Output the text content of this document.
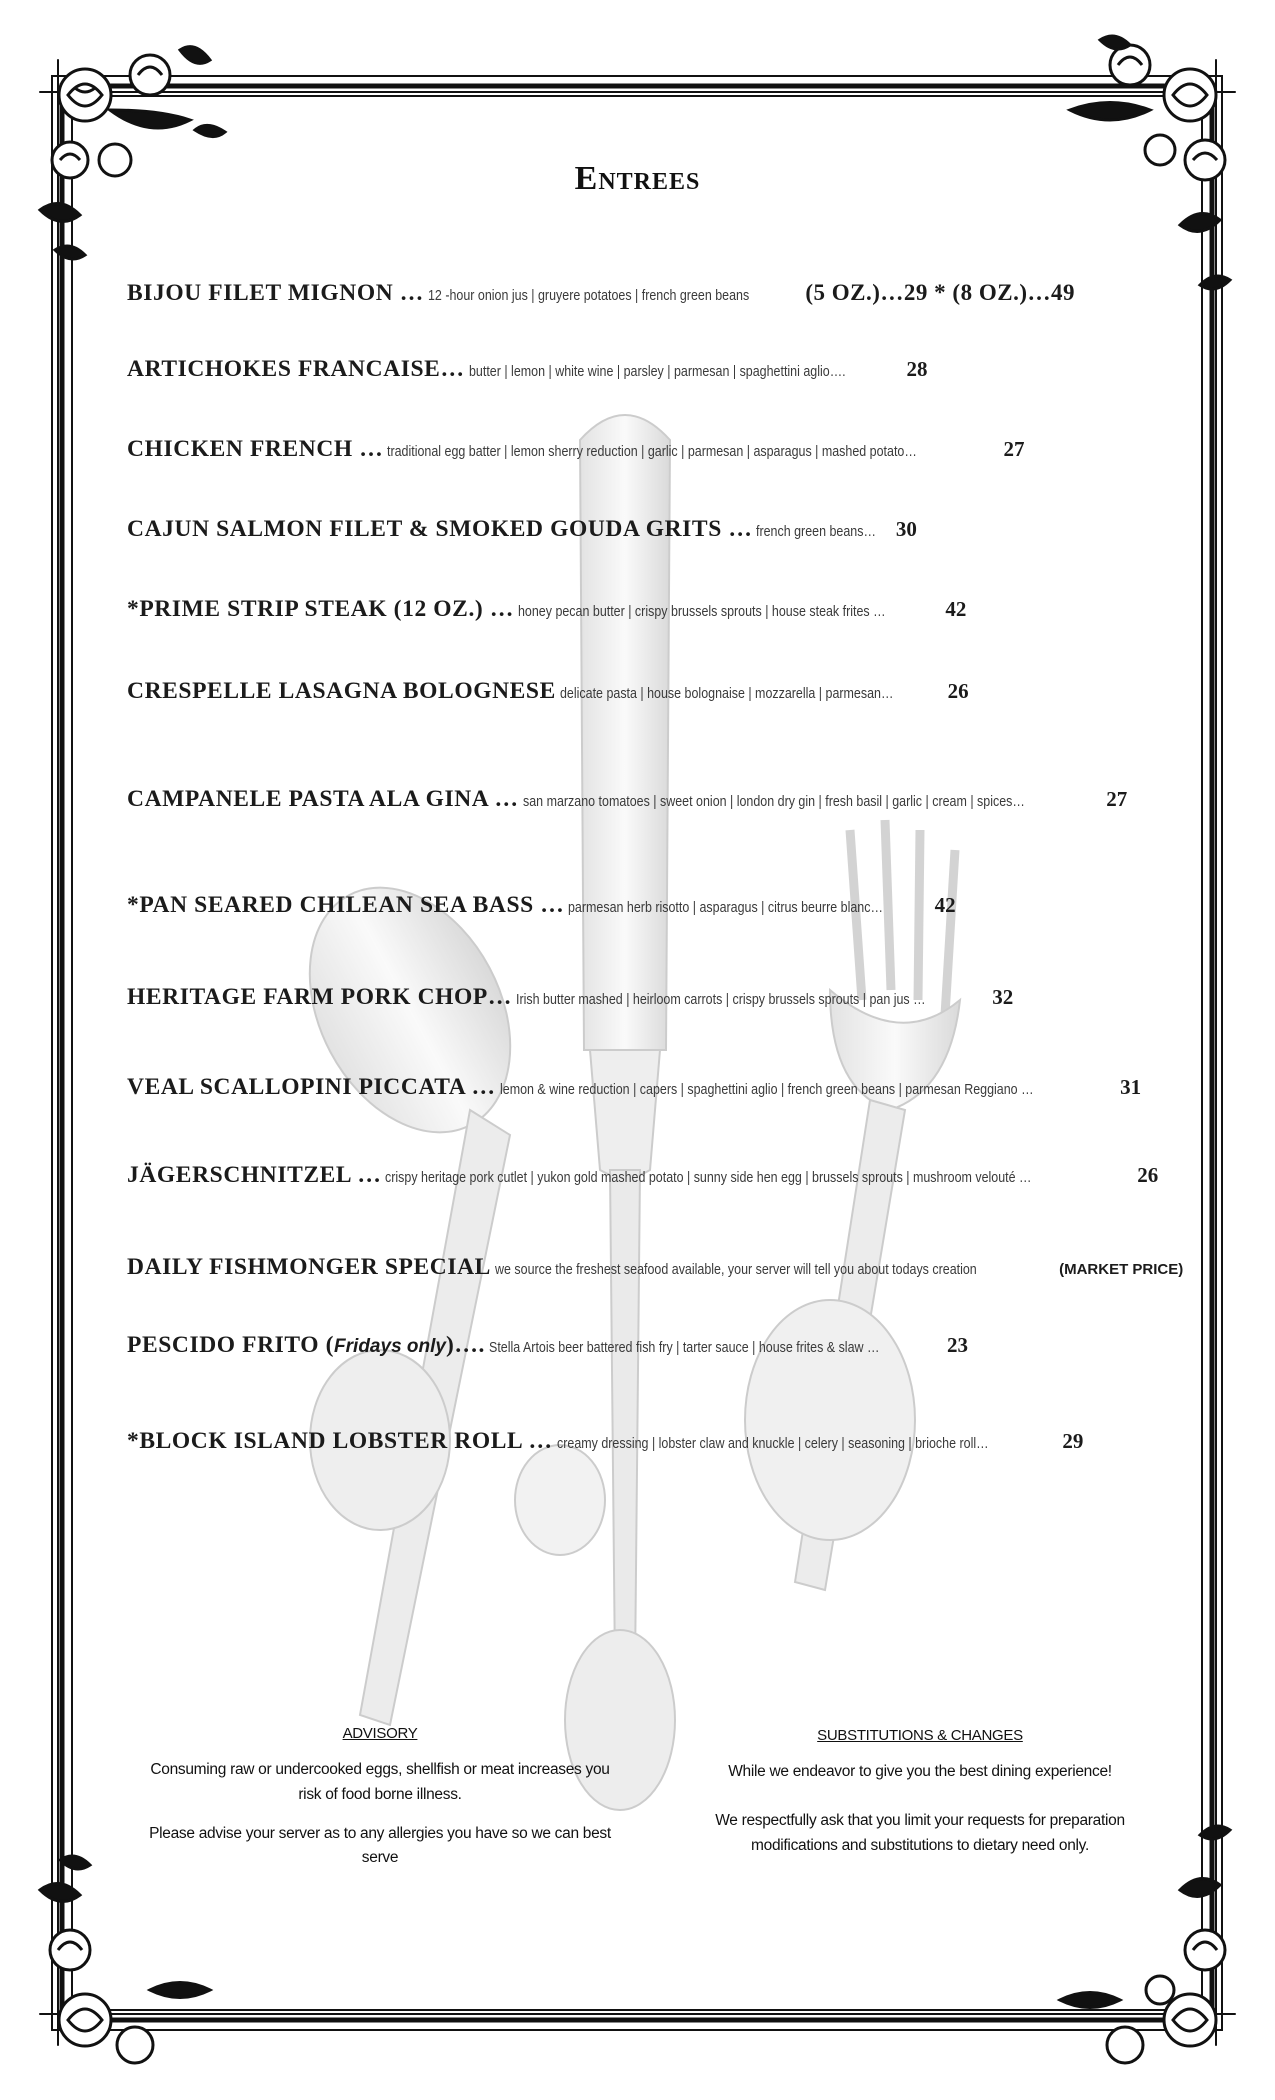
Entrees
BIJOU FILET MIGNON … 12 -hour onion jus | gruyere potatoes | french green beans (5 OZ.)…29 * (8 OZ.)…49
ARTICHOKES FRANCAISE… butter | lemon | white wine | parsley | parmesan | spaghettini aglio….	28
CHICKEN FRENCH … traditional egg batter | lemon sherry reduction | garlic | parmesan | asparagus | mashed potato…	27
CAJUN SALMON FILET & SMOKED GOUDA GRITS … french green beans… 30
*PRIME STRIP STEAK (12 OZ.) … honey pecan butter | crispy brussels sprouts | house steak frites …	42
CRESPELLE LASAGNA BOLOGNESE delicate pasta | house bolognaise | mozzarella | parmesan…	26
CAMPANELE PASTA ALA GINA … san marzano tomatoes | sweet onion | london dry gin | fresh basil | garlic | cream | spices…	27
*PAN SEARED CHILEAN SEA BASS … parmesan herb risotto | asparagus | citrus beurre blanc… 42
HERITAGE FARM PORK CHOP… Irish butter mashed | heirloom carrots | crispy brussels sprouts | pan jus …	32
VEAL SCALLOPINI PICCATA … lemon & wine reduction | capers | spaghettini aglio | french green beans | parmesan Reggiano …	31
JÄGERSCHNITZEL … crispy heritage pork cutlet | yukon gold mashed potato | sunny side hen egg | brussels sprouts | mushroom velouté …	26
DAILY FISHMONGER SPECIAL we source the freshest seafood available, your server will tell you about todays creation	(MARKET PRICE)
PESCIDO FRITO (Fridays only)…. Stella Artois beer battered fish fry | tarter sauce | house frites & slaw …	23
*BLOCK ISLAND LOBSTER ROLL … creamy dressing | lobster claw and knuckle | celery | seasoning | brioche roll…	29
ADVISORY

Consuming raw or undercooked eggs, shellfish or meat increases you risk of food borne illness.

Please advise your server as to any allergies you have so we can best serve

SUBSTITUTIONS & CHANGES

While we endeavor to give you the best dining experience!

We respectfully ask that you limit your requests for preparation modifications and substitutions to dietary need only.
